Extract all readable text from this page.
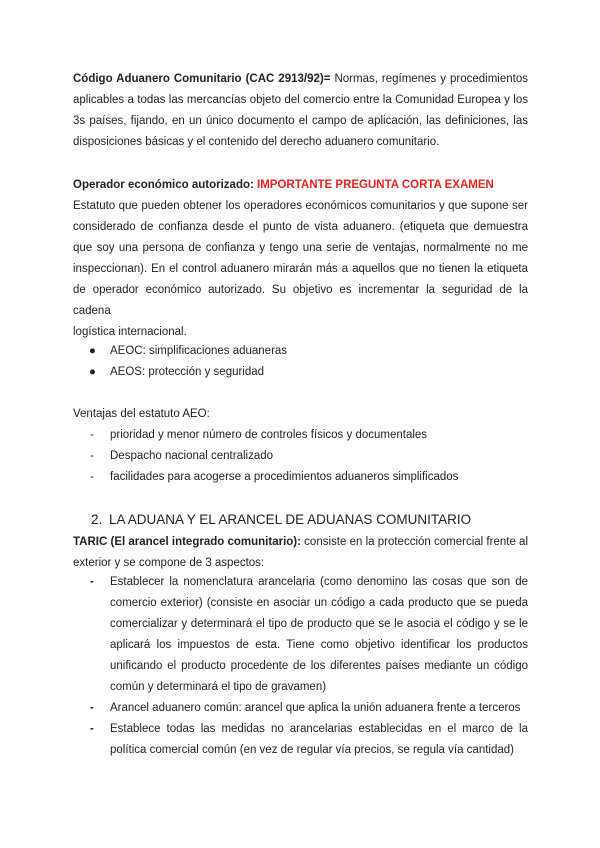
Código Aduanero Comunitario (CAC 2913/92)= Normas, regímenes y procedimientos
aplicables a todas las mercancías objeto del comercio entre la Comunidad Europea y los
3s países, fijando, en un único documento el campo de aplicación, las definiciones, las
disposiciones básicas y el contenido del derecho aduanero comunitario.
Operador económico autorizado: IMPORTANTE PREGUNTA CORTA EXAMEN
Estatuto que pueden obtener los operadores económicos comunitarios y que supone ser
considerado de confianza desde el punto de vista aduanero. (etiqueta que demuestra
que soy una persona de confianza y tengo una serie de ventajas, normalmente no me
inspeccionan). En el control aduanero mirarán más a aquellos que no tienen la etiqueta
de operador económico autorizado. Su objetivo es incrementar la seguridad de la cadena
logística internacional.
● AEOC: simplificaciones aduaneras
● AEOS: protección y seguridad
Ventajas del estatuto AEO:
- prioridad y menor número de controles físicos y documentales
- Despacho nacional centralizado
- facilidades para acogerse a procedimientos aduaneros simplificados
2. LA ADUANA Y EL ARANCEL DE ADUANAS COMUNITARIO
TARIC (El arancel integrado comunitario): consiste en la protección comercial frente al
exterior y se compone de 3 aspectos:
- Establecer la nomenclatura arancelaria (como denomino las cosas que son de
comercio exterior) (consiste en asociar un código a cada producto que se pueda
comercializar y determinará el tipo de producto que se le asocia el código y se le
aplicará los impuestos de esta. Tiene como objetivo identificar los productos
unificando el producto procedente de los diferentes países mediante un código
común y determinará el tipo de gravamen)
- Arancel aduanero común: arancel que aplica la unión aduanera frente a terceros
- Establece todas las medidas no arancelarias establecidas en el marco de la
política comercial común (en vez de regular vía precios, se regula vía cantidad)
